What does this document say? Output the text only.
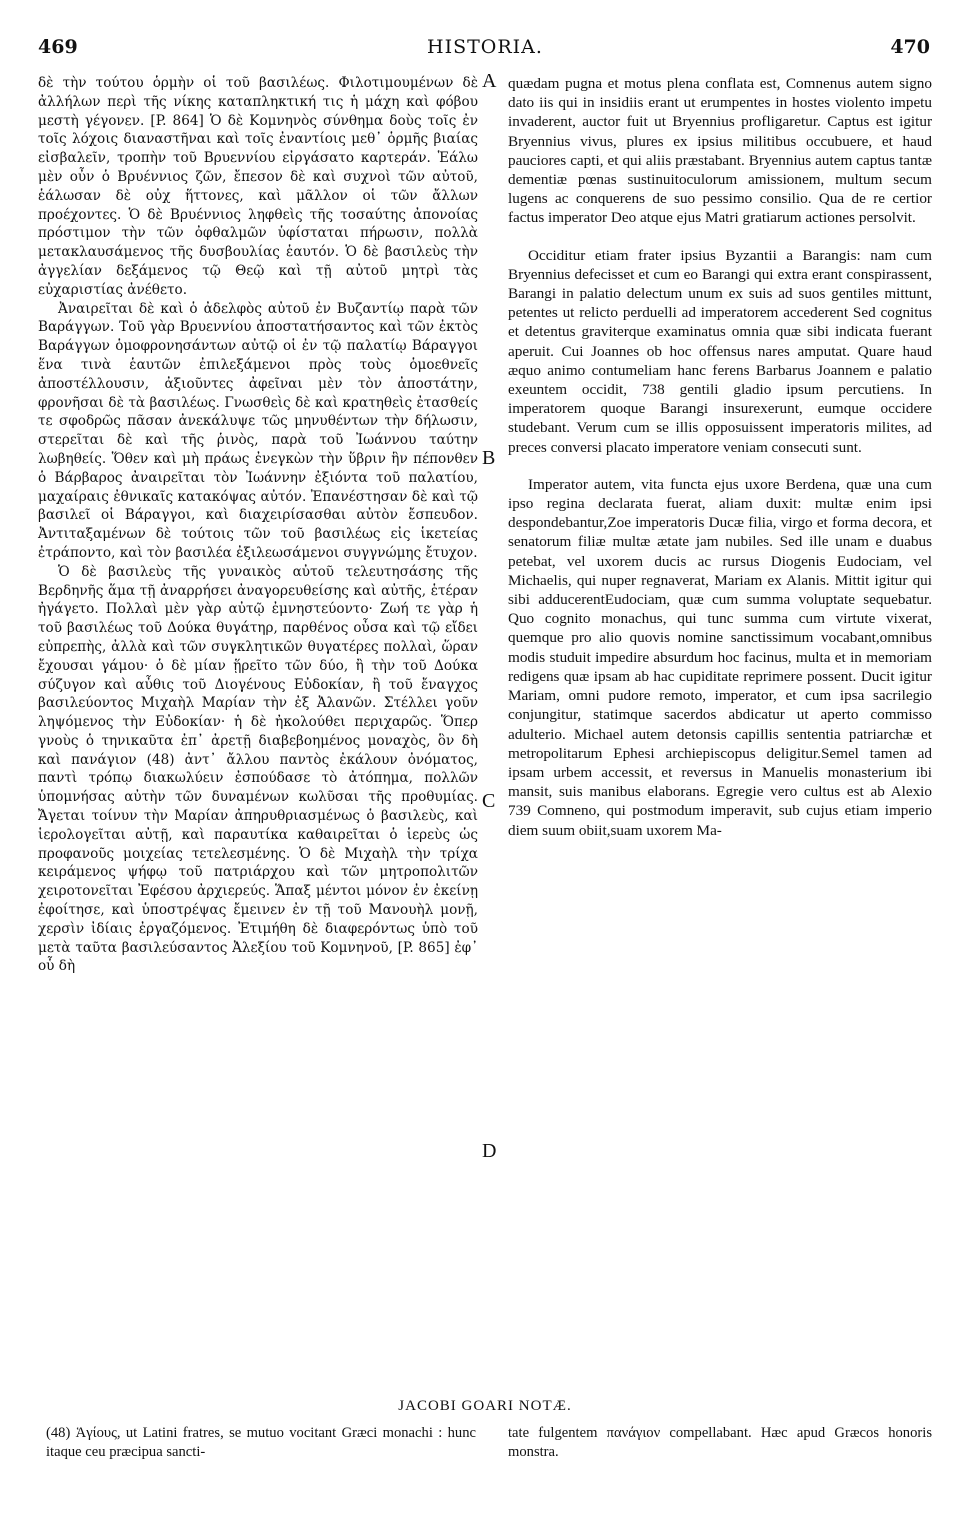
469	HISTORIA.	470
A
B
C
D

δὲ τὴν τούτου ὁρμὴν οἱ τοῦ βασιλέως. Φιλοτιμουμένων δὲ ἀλλήλων περὶ τῆς νίκης καταπληκτική τις ἡ μάχη καὶ φόβου μεστὴ γέγονεν. [P. 864] Ὁ δὲ Κομνηνὸς σύνθημα δοὺς τοῖς ἐν τοῖς λόχοις διαναστῆναι καὶ τοῖς ἐναντίοις μεθ᾽ ὁρμῆς βιαίας εἰσβαλεῖν, τροπὴν τοῦ Βρυεννίου εἰργάσατο καρτεράν. Ἑάλω μὲν οὖν ὁ Βρυέννιος ζῶν, ἔπεσον δὲ καὶ συχνοὶ τῶν αὐτοῦ, ἑάλωσαν δὲ οὐχ ἥττονες, καὶ μᾶλλον οἱ τῶν ἄλλων προέχοντες. Ὁ δὲ Βρυέννιος ληφθεὶς τῆς τοσαύτης ἀπονοίας πρόστιμον τὴν τῶν ὀφθαλμῶν ὑφίσταται πήρωσιν, πολλὰ μετακλαυσάμενος τῆς δυσβουλίας ἑαυτόν. Ὁ δὲ βασιλεὺς τὴν ἀγγελίαν δεξάμενος τῷ Θεῷ καὶ τῇ αὐτοῦ μητρὶ τὰς εὐχαριστίας ἀνέθετο.

Ἀναιρεῖται δὲ καὶ ὁ ἀδελφὸς αὐτοῦ ἐν Βυζαντίῳ παρὰ τῶν Βαράγγων. Τοῦ γὰρ Βρυεννίου ἀποστατήσαντος καὶ τῶν ἐκτὸς Βαράγγων ὁμοφρονησάντων αὐτῷ οἱ ἐν τῷ παλατίῳ Βάραγγοι ἕνα τινὰ ἑαυτῶν ἐπιλεξάμενοι πρὸς τοὺς ὁμοεθνεῖς ἀποστέλλουσιν, ἀξιοῦντες ἀφεῖναι μὲν τὸν ἀποστάτην, φρονῆσαι δὲ τὰ βασιλέως. Γνωσθεὶς δὲ καὶ κρατηθεὶς ἐτασθείς τε σφοδρῶς πᾶσαν ἀνεκάλυψε τῶς μηνυθέντων τὴν δήλωσιν, στερεῖται δὲ καὶ τῆς ῥινὸς, παρὰ τοῦ Ἰωάννου ταύτην λωβηθείς. Ὅθεν καὶ μὴ πράως ἐνεγκὼν τὴν ὕβριν ἣν πέπονθεν ὁ Βάρβαρος ἀναιρεῖται τὸν Ἰωάννην ἐξιόντα τοῦ παλατίου, μαχαίραις ἐθνικαῖς κατακόψας αὐτόν. Ἐπανέστησαν δὲ καὶ τῷ βασιλεῖ οἱ Βάραγγοι, καὶ διαχειρίσασθαι αὐτὸν ἔσπευδον. Ἀντιταξαμένων δὲ τούτοις τῶν τοῦ βασιλέως εἰς ἱκετείας ἐτράποντο, καὶ τὸν βασιλέα ἐξιλεωσάμενοι συγγνώμης ἔτυχον.

Ὁ δὲ βασιλεὺς τῆς γυναικὸς αὐτοῦ τελευτησάσης τῆς Βερδηνῆς ἅμα τῇ ἀναρρήσει ἀναγορευθείσης καὶ αὐτῆς, ἑτέραν ἠγάγετο. Πολλαὶ μὲν γὰρ αὐτῷ ἐμνηστεύοντο· Ζωή τε γὰρ ἡ τοῦ βασιλέως τοῦ Δούκα θυγάτηρ, παρθένος οὖσα καὶ τῷ εἴδει εὐπρεπὴς, ἀλλὰ καὶ τῶν συγκλητικῶν θυγατέρες πολλαὶ, ὥραν ἔχουσαι γάμου· ὁ δὲ μίαν ᾕρεῖτο τῶν δύο, ἢ τὴν τοῦ Δούκα σύζυγον καὶ αὖθις τοῦ Διογένους Εὐδοκίαν, ἢ τοῦ ἔναγχος βασιλεύοντος Μιχαὴλ Μαρίαν τὴν ἐξ Ἀλανῶν. Στέλλει γοῦν ληψόμενος τὴν Εὐδοκίαν· ἡ δὲ ἠκολούθει περιχαρῶς. Ὅπερ γνοὺς ὁ τηνικαῦτα ἐπ᾽ ἀρετῇ διαβεβοημένος μοναχὸς, ὃν δὴ καὶ πανάγιον (48) ἀντ᾽ ἄλλου παντὸς ἐκάλουν ὀνόματος, παντὶ τρόπῳ διακωλύειν ἐσπούδασε τὸ ἀτόπημα, πολλῶν ὑπομνήσας αὐτὴν τῶν δυναμένων κωλῦσαι τῆς προθυμίας. Ἄγεται τοίνυν τὴν Μαρίαν ἀπηρυθριασμένως ὁ βασιλεὺς, καὶ ἱερολογεῖται αὐτῇ, καὶ παραυτίκα καθαιρεῖται ὁ ἱερεὺς ὡς προφανοῦς μοιχείας τετελεσμένης. Ὁ δὲ Μιχαὴλ τὴν τρίχα κειράμενος ψήφῳ τοῦ πατριάρχου καὶ τῶν μητροπολιτῶν χειροτονεῖται Ἐφέσου ἀρχιερεύς. Ἅπαξ μέντοι μόνον ἐν ἐκείνῃ ἐφοίτησε, καὶ ὑποστρέψας ἔμεινεν ἐν τῇ τοῦ Μανουὴλ μονῇ, χερσὶν ἰδίαις ἐργαζόμενος. Ἐτιμήθη δὲ διαφερόντως ὑπὸ τοῦ μετὰ ταῦτα βασιλεύσαντος Ἀλεξίου τοῦ Κομνηνοῦ, [P. 865] ἐφ᾽ οὗ δὴ

quædam pugna et motus plena conflata est, Comnenus autem signo dato iis qui in insidiis erant ut erumpentes in hostes violento impetu invaderent, auctor fuit ut Bryennius profligaretur. Captus est igitur Bryennius vivus, plures ex ipsius militibus occubuere, et haud pauciores capti, et qui aliis præstabant. Bryennius autem captus tantæ dementiæ pœnas sustinuitoculorum amissionem, multum secum lugens ac conquerens de suo pessimo consilio. Qua de re certior factus imperator Deo atque ejus Matri gratiarum actiones persolvit.

Occiditur etiam frater ipsius Byzantii a Barangis: nam cum Bryennius defecisset et cum eo Barangi qui extra erant conspirassent, Barangi in palatio delectum unum ex suis ad suos gentiles mittunt, petentes ut relicto perduelli ad imperatorem accederent Sed cognitus et detentus graviterque examinatus omnia quæ sibi indicata fuerant aperuit. Cui Joannes ob hoc offensus nares amputat. Quare haud æquo animo contumeliam hanc ferens Barbarus Joannem e palatio exeuntem occidit, 738 gentili gladio ipsum percutiens. In imperatorem quoque Barangi insurexerunt, eumque occidere studebant. Verum cum se illis opposuissent imperatoris milites, ad preces conversi placato imperatore veniam consecuti sunt.

Imperator autem, vita functa ejus uxore Berdena, quæ una cum ipso regina declarata fuerat, aliam duxit: multæ enim ipsi despondebantur,Zoe imperatoris Ducæ filia, virgo et forma decora, et senatorum filiæ multæ ætate jam nubiles. Sed ille unam e duabus petebat, vel uxorem ducis ac rursus Diogenis Eudociam, vel Michaelis, qui nuper regnaverat, Mariam ex Alanis. Mittit igitur qui sibi adducerentEudociam, quæ cum summa voluptate sequebatur. Quo cognito monachus, qui tunc summa cum virtute vixerat, quemque pro alio quovis nomine sanctissimum vocabant,omnibus modis studuit impedire absurdum hoc facinus, multa et in memoriam redigens quæ ipsam ab hac cupiditate reprimere possent. Ducit igitur Mariam, omni pudore remoto, imperator, et cum ipsa sacrilegio conjungitur, statimque sacerdos abdicatur ut aperto commisso adulterio. Michael autem detonsis capillis sententia patriarchæ et metropolitarum Ephesi archiepiscopus deligitur.Semel tamen ad ipsam urbem accessit, et reversus in Manuelis monasterium ibi mansit, suis manibus elaborans. Egregie vero cultus est ab Alexio 739 Comneno, qui postmodum imperavit, sub cujus etiam imperio diem suum obiit,suam uxorem Ma-

JACOBI GOARI NOTÆ.
(48) Ἁγίους, ut Latini fratres, se mutuo vocitant Græci monachi : hunc itaque ceu præcipua sancti-
tate fulgentem πανάγιον compellabant. Hæc apud Græcos honoris monstra.
